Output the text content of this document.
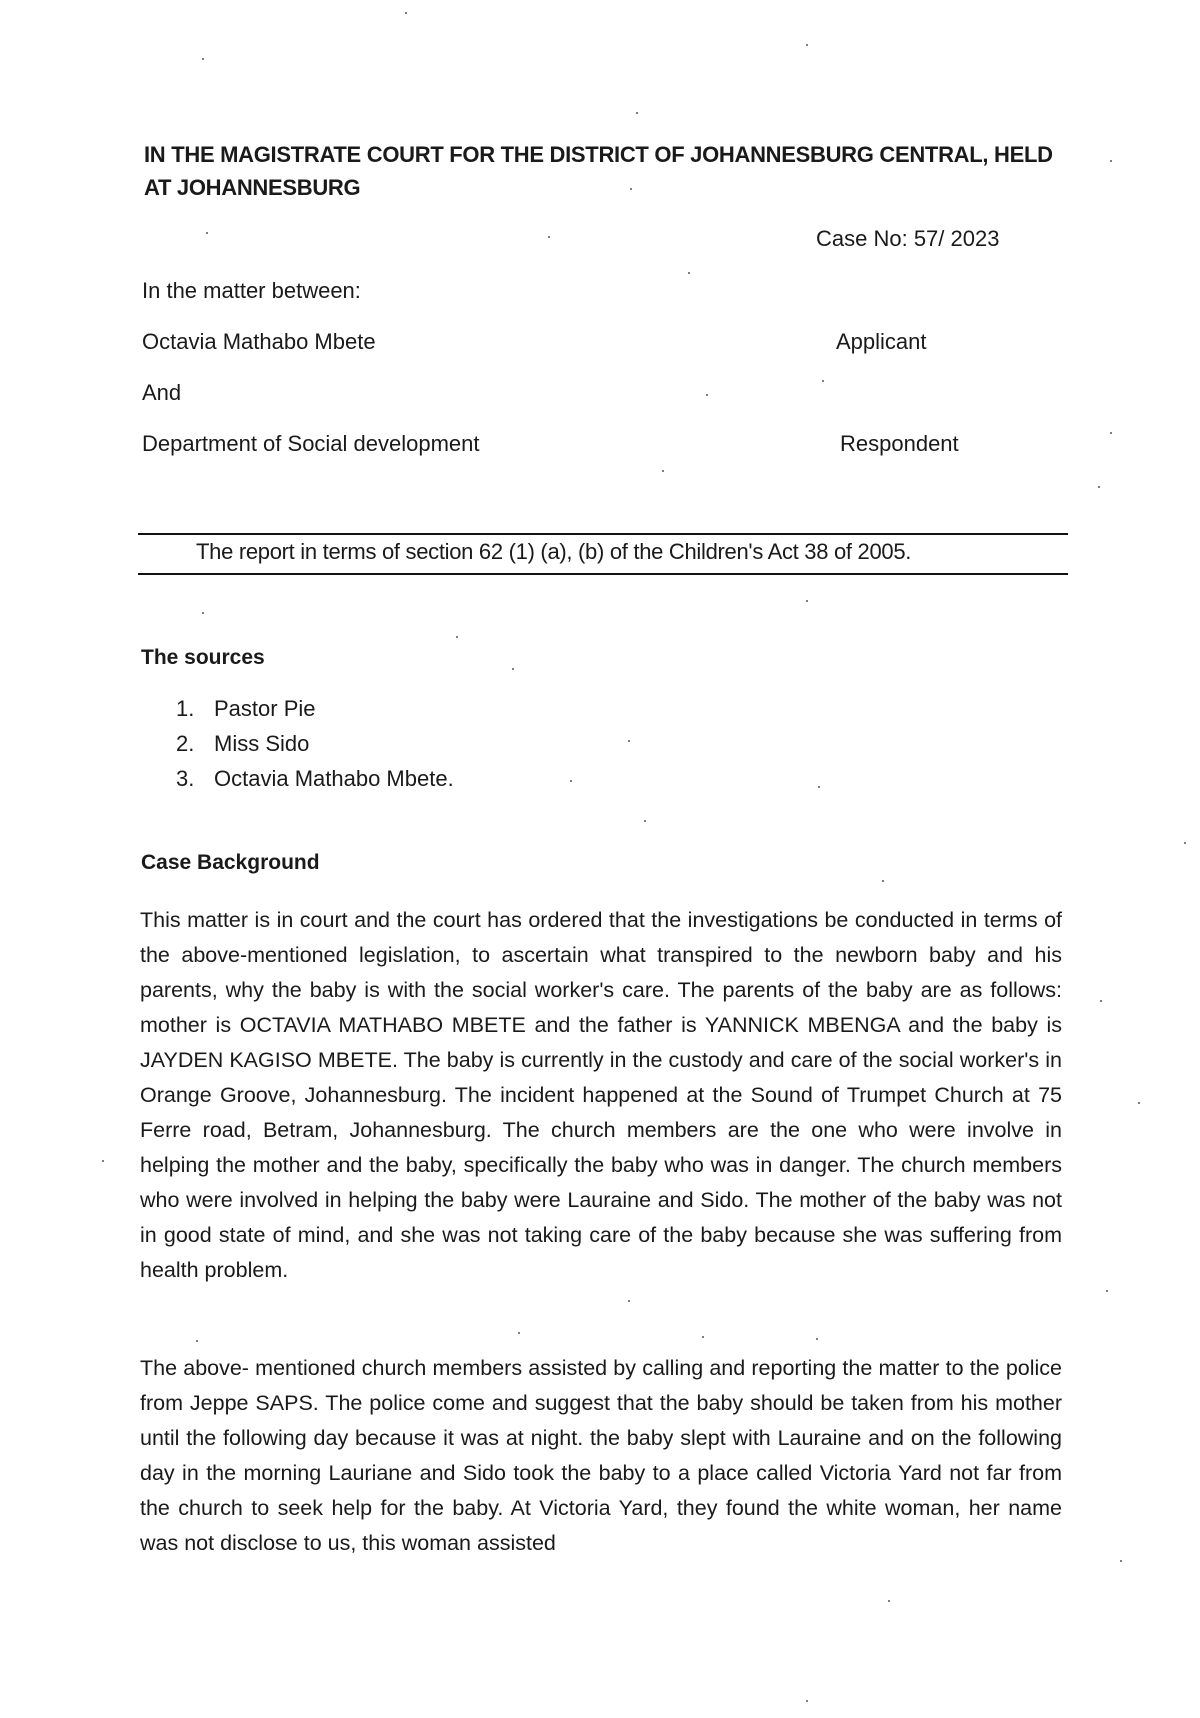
IN THE MAGISTRATE COURT FOR THE DISTRICT OF JOHANNESBURG CENTRAL, HELD AT JOHANNESBURG
Case No: 57/ 2023
In the matter between:
Octavia Mathabo Mbete	Applicant
And
Department of Social development	Respondent
The report in terms of section 62 (1) (a), (b) of the Children's Act 38 of 2005.
The sources
1. Pastor Pie
2. Miss Sido
3. Octavia Mathabo Mbete.
Case Background

This matter is in court and the court has ordered that the investigations be conducted in terms of the above-mentioned legislation, to ascertain what transpired to the newborn baby and his parents, why the baby is with the social worker's care. The parents of the baby are as follows: mother is OCTAVIA MATHABO MBETE and the father is YANNICK MBENGA and the baby is JAYDEN KAGISO MBETE. The baby is currently in the custody and care of the social worker's in Orange Groove, Johannesburg. The incident happened at the Sound of Trumpet Church at 75 Ferre road, Betram, Johannesburg. The church members are the one who were involve in helping the mother and the baby, specifically the baby who was in danger. The church members who were involved in helping the baby were Lauraine and Sido. The mother of the baby was not in good state of mind, and she was not taking care of the baby because she was suffering from health problem.

The above- mentioned church members assisted by calling and reporting the matter to the police from Jeppe SAPS. The police come and suggest that the baby should be taken from his mother until the following day because it was at night. the baby slept with Lauraine and on the following day in the morning Lauriane and Sido took the baby to a place called Victoria Yard not far from the church to seek help for the baby. At Victoria Yard, they found the white woman, her name was not disclose to us, this woman assisted
